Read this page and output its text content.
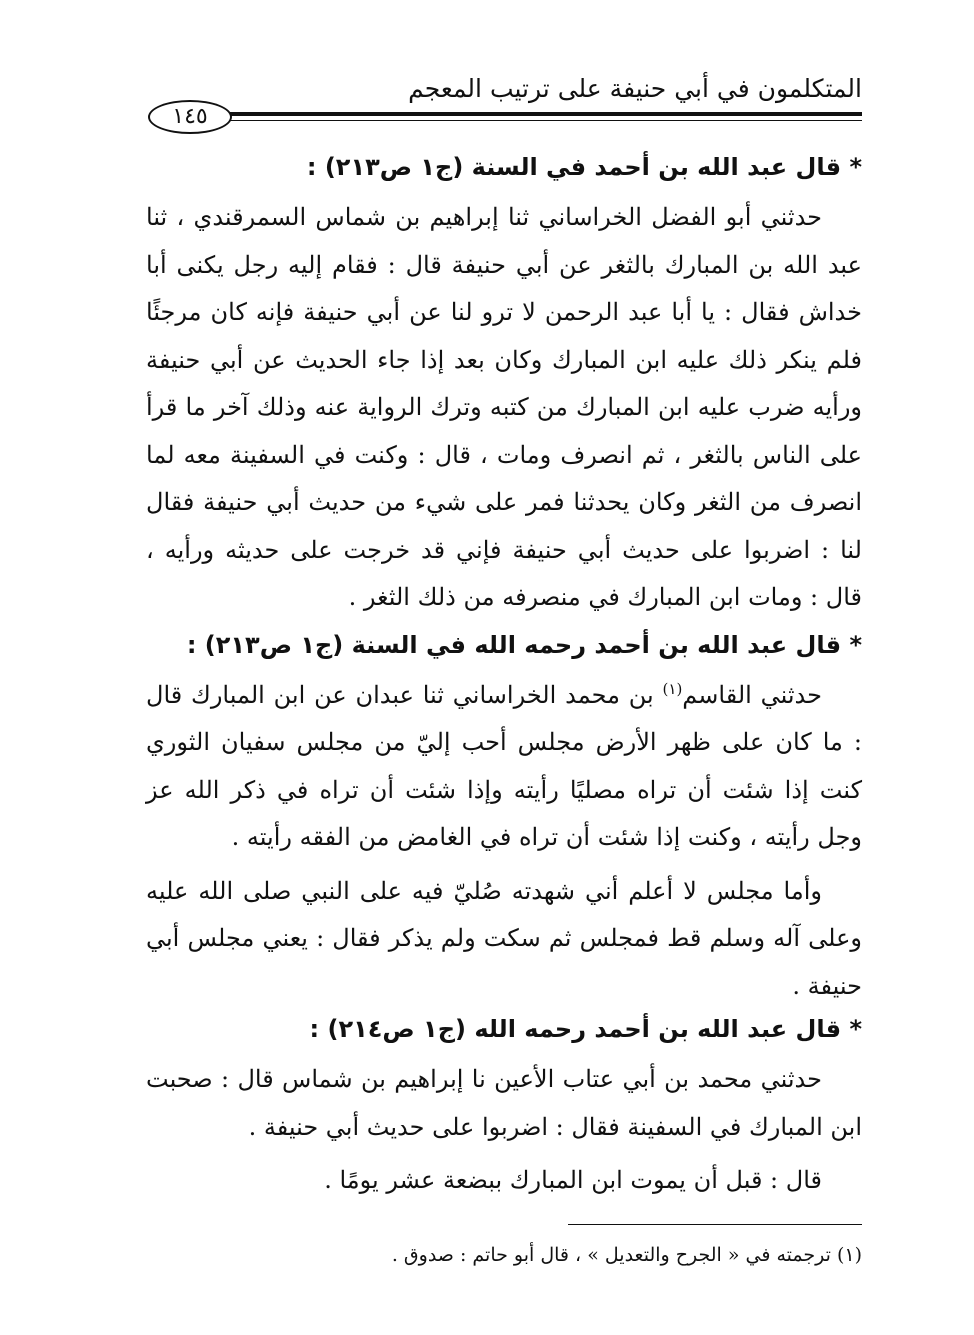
المتكلمون في أبي حنيفة على ترتيب المعجم
١٤٥
* قال عبد الله بن أحمد في السنة (ج١ ص٢١٣) :

حدثني أبو الفضل الخراساني ثنا إبراهيم بن شماس السمرقندي ، ثنا عبد الله بن المبارك بالثغر عن أبي حنيفة قال : فقام إليه رجل يكنى أبا خداش فقال : يا أبا عبد الرحمن لا ترو لنا عن أبي حنيفة فإنه كان مرجئًا فلم ينكر ذلك عليه ابن المبارك وكان بعد إذا جاء الحديث عن أبي حنيفة ورأيه ضرب عليه ابن المبارك من كتبه وترك الرواية عنه وذلك آخر ما قرأ على الناس بالثغر ، ثم انصرف ومات ، قال : وكنت في السفينة معه لما انصرف من الثغر وكان يحدثنا فمر على شيء من حديث أبي حنيفة فقال لنا : اضربوا على حديث أبي حنيفة فإني قد خرجت على حديثه ورأيه ، قال : ومات ابن المبارك في منصرفه من ذلك الثغر .

* قال عبد الله بن أحمد رحمه الله في السنة (ج١ ص٢١٣) :

حدثني القاسم$^{(١)}$ بن محمد الخراساني ثنا عبدان عن ابن المبارك قال : ما كان على ظهر الأرض مجلس أحب إليّ من مجلس سفيان الثوري كنت إذا شئت أن تراه مصليًا رأيته وإذا شئت أن تراه في ذكر الله عز وجل رأيته ، وكنت إذا شئت أن تراه في الغامض من الفقه رأيته .

وأما مجلس لا أعلم أني شهدته صُليّ فيه على النبي صلى الله عليه وعلى آله وسلم قط فمجلس ثم سكت ولم يذكر فقال : يعني مجلس أبي حنيفة .

* قال عبد الله بن أحمد رحمه الله (ج١ ص٢١٤) :

حدثني محمد بن أبي عتاب الأعين نا إبراهيم بن شماس قال : صحبت ابن المبارك في السفينة فقال : اضربوا على حديث أبي حنيفة .

قال : قبل أن يموت ابن المبارك ببضعة عشر يومًا .

(١) ترجمته في « الجرح والتعديل » ، قال أبو حاتم : صدوق .
